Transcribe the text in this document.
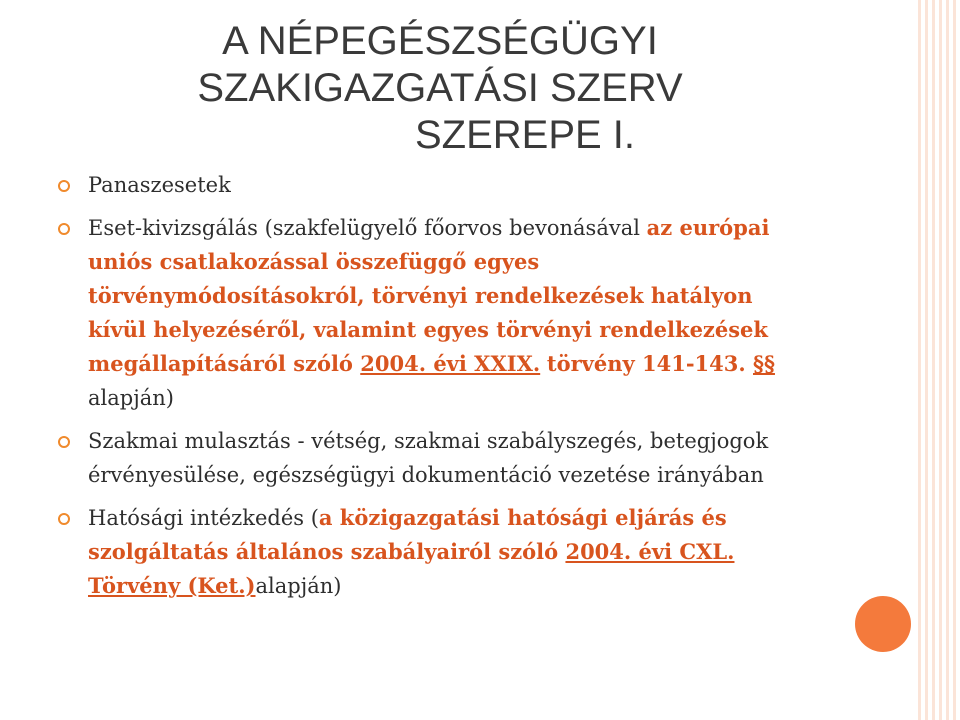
A NÉPEGÉSZSÉGÜGYI
SZAKIGAZGATÁSI SZERV
SZEREPE I.
Panaszesetek
Eset-kivizsgálás (szakfelügyelő főorvos bevonásával az európai uniós csatlakozással összefüggő egyes törvénymódosításokról, törvényi rendelkezések hatályon kívül helyezéséről, valamint egyes törvényi rendelkezések megállapításáról szóló 2004. évi XXIX. törvény 141-143. §§ alapján)
Szakmai mulasztás - vétség, szakmai szabályszegés, betegjogok érvényesülése, egészségügyi dokumentáció vezetése irányában
Hatósági intézkedés (a közigazgatási hatósági eljárás és szolgáltatás általános szabályairól szóló 2004. évi CXL. Törvény (Ket.)alapján)
